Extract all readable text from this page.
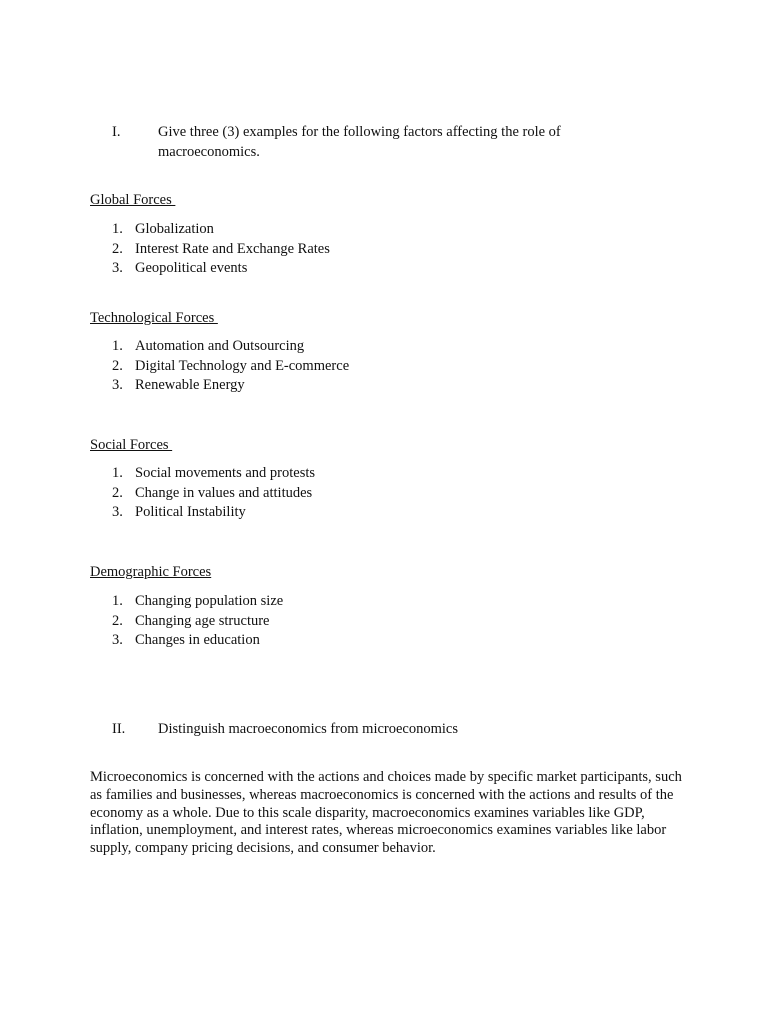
I.	Give three (3) examples for the following factors affecting the role of macroeconomics.
Global Forces
1. Globalization
2. Interest Rate and Exchange Rates
3. Geopolitical events
Technological Forces
1. Automation and Outsourcing
2. Digital Technology and E-commerce
3. Renewable Energy
Social Forces
1. Social movements and protests
2. Change in values and attitudes
3. Political Instability
Demographic Forces
1. Changing population size
2. Changing age structure
3. Changes in education
II. Distinguish macroeconomics from microeconomics
Microeconomics is concerned with the actions and choices made by specific market participants, such as families and businesses, whereas macroeconomics is concerned with the actions and results of the economy as a whole. Due to this scale disparity, macroeconomics examines variables like GDP, inflation, unemployment, and interest rates, whereas microeconomics examines variables like labor supply, company pricing decisions, and consumer behavior.
